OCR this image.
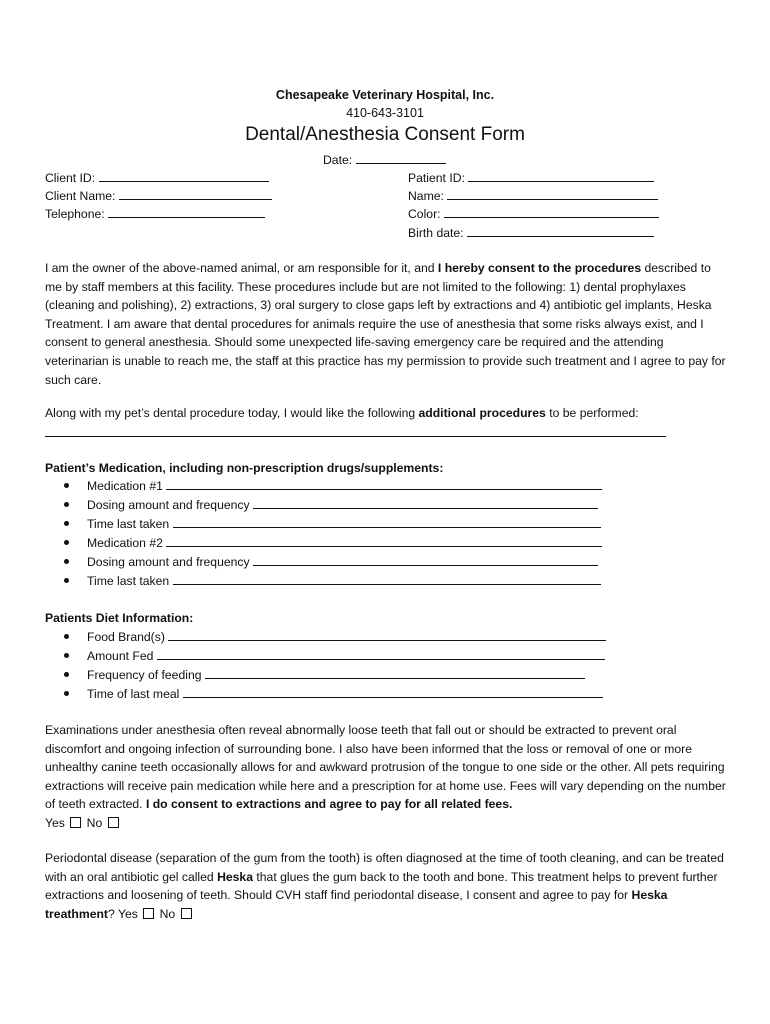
Chesapeake Veterinary Hospital, Inc.
410-643-3101
Dental/Anesthesia Consent Form
Date:
Client ID:
Client Name:
Telephone:
Patient ID:
Name:
Color:
Birth date:
I am the owner of the above-named animal, or am responsible for it, and I hereby consent to the procedures described to me by staff members at this facility. These procedures include but are not limited to the following: 1) dental prophylaxes (cleaning and polishing), 2) extractions, 3) oral surgery to close gaps left by extractions and 4) antibiotic gel implants, Heska Treatment. I am aware that dental procedures for animals require the use of anesthesia that some risks always exist, and I consent to general anesthesia. Should some unexpected life-saving emergency care be required and the attending veterinarian is unable to reach me, the staff at this practice has my permission to provide such treatment and I agree to pay for such care.
Along with my pet’s dental procedure today, I would like the following additional procedures to be performed:
Patient’s Medication, including non-prescription drugs/supplements:
Medication #1
Dosing amount and frequency
Time last taken
Medication #2
Dosing amount and frequency
Time last taken
Patients Diet Information:
Food Brand(s)
Amount Fed
Frequency of feeding
Time of last meal
Examinations under anesthesia often reveal abnormally loose teeth that fall out or should be extracted to prevent oral discomfort and ongoing infection of surrounding bone. I also have been informed that the loss or removal of one or more unhealthy canine teeth occasionally allows for and awkward protrusion of the tongue to one side or the other. All pets requiring extractions will receive pain medication while here and a prescription for at home use. Fees will vary depending on the number of teeth extracted. I do consent to extractions and agree to pay for all related fees.
Yes No
Periodontal disease (separation of the gum from the tooth) is often diagnosed at the time of tooth cleaning, and can be treated with an oral antibiotic gel called Heska that glues the gum back to the tooth and bone. This treatment helps to prevent further extractions and loosening of teeth. Should CVH staff find periodontal disease, I consent and agree to pay for Heska treathment? Yes No
